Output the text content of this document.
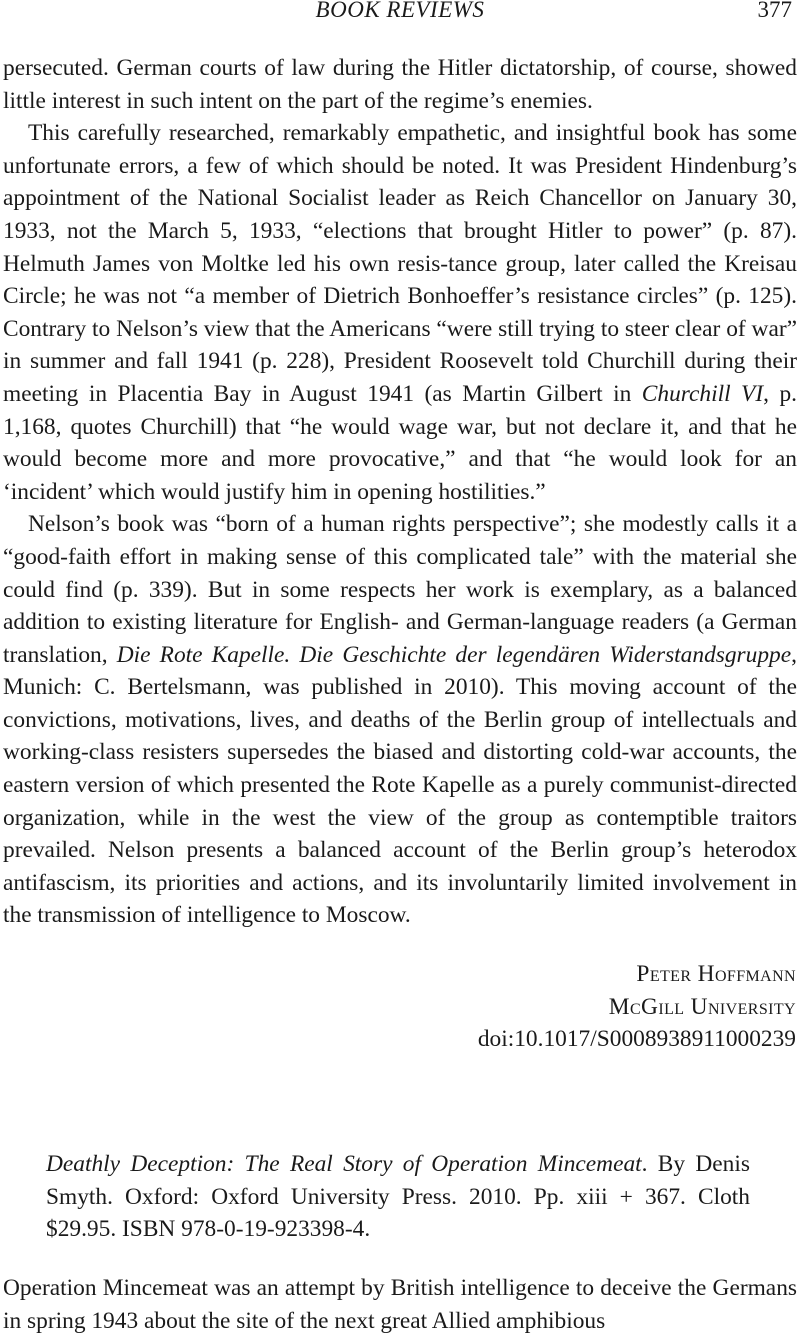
BOOK REVIEWS	377

persecuted. German courts of law during the Hitler dictatorship, of course, showed little interest in such intent on the part of the regime’s enemies.

This carefully researched, remarkably empathetic, and insightful book has some unfortunate errors, a few of which should be noted. It was President Hindenburg’s appointment of the National Socialist leader as Reich Chancellor on January 30, 1933, not the March 5, 1933, “elections that brought Hitler to power” (p. 87). Helmuth James von Moltke led his own resis-tance group, later called the Kreisau Circle; he was not “a member of Dietrich Bonhoeffer’s resistance circles” (p. 125). Contrary to Nelson’s view that the Americans “were still trying to steer clear of war” in summer and fall 1941 (p. 228), President Roosevelt told Churchill during their meeting in Placentia Bay in August 1941 (as Martin Gilbert in Churchill VI, p. 1,168, quotes Churchill) that “he would wage war, but not declare it, and that he would become more and more provocative,” and that “he would look for an ‘incident’ which would justify him in opening hostilities.”

Nelson’s book was “born of a human rights perspective”; she modestly calls it a “good-faith effort in making sense of this complicated tale” with the material she could find (p. 339). But in some respects her work is exemplary, as a balanced addition to existing literature for English- and German-language readers (a German translation, Die Rote Kapelle. Die Geschichte der legendären Widerstandsgruppe, Munich: C. Bertelsmann, was published in 2010). This moving account of the convictions, motivations, lives, and deaths of the Berlin group of intellectuals and working-class resisters supersedes the biased and distorting cold-war accounts, the eastern version of which presented the Rote Kapelle as a purely communist-directed organization, while in the west the view of the group as contemptible traitors prevailed. Nelson presents a balanced account of the Berlin group’s heterodox antifascism, its priorities and actions, and its involuntarily limited involvement in the transmission of intelligence to Moscow.

Peter Hoffmann
McGill University
doi:10.1017/S0008938911000239

Deathly Deception: The Real Story of Operation Mincemeat. By Denis Smyth. Oxford: Oxford University Press. 2010. Pp. xiii + 367. Cloth $29.95. ISBN 978-0-19-923398-4.

Operation Mincemeat was an attempt by British intelligence to deceive the Germans in spring 1943 about the site of the next great Allied amphibious
